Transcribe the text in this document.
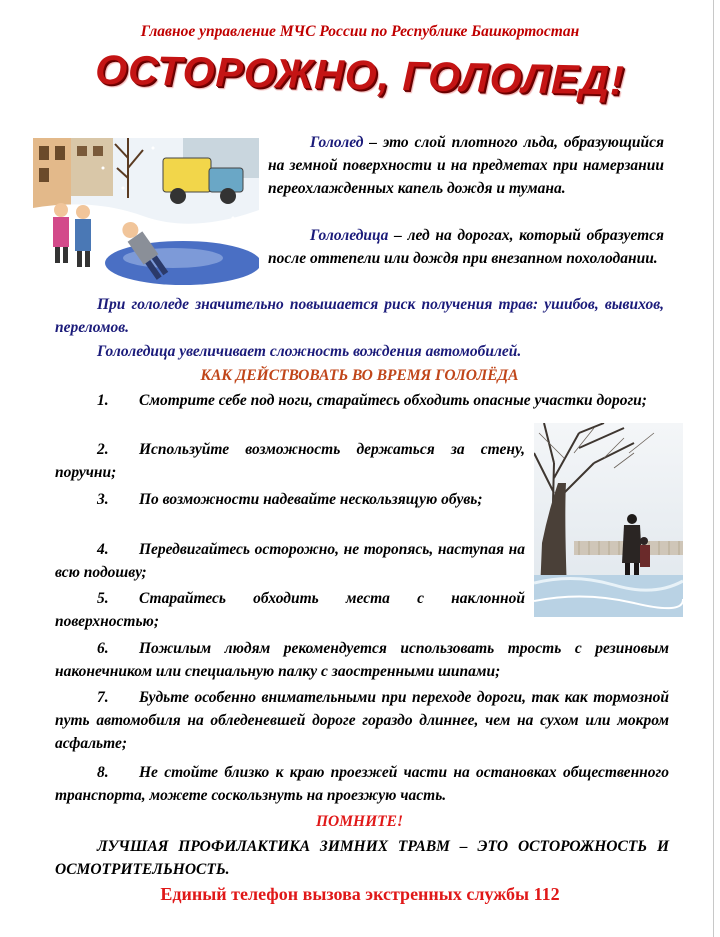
Главное управление МЧС России по Республике Башкортостан
ОСТОРОЖНО, ГОЛОЛЕД!
Гололед – это слой плотного льда, образующийся на земной поверхности и на предметах при намерзании переохлажденных капель дождя и тумана.
Гололедица – лед на дорогах, который образуется после оттепели или дождя при внезапном похолодании.
При гололеде значительно повышается риск получения трав: ушибов, вывихов, переломов.
Гололедица увеличивает сложность вождения автомобилей.
КАК ДЕЙСТВОВАТЬ ВО ВРЕМЯ ГОЛОЛЁДА
1. Смотрите себе под ноги, старайтесь обходить опасные участки дороги;
2. Используйте возможность держаться за стену, поручни;
3. По возможности надевайте нескользящую обувь;
4. Передвигайтесь осторожно, не торопясь, наступая на всю подошву;
5. Старайтесь обходить места с наклонной поверхностью;
6. Пожилым людям рекомендуется использовать трость с резиновым наконечником или специальную палку с заостренными шипами;
7. Будьте особенно внимательными при переходе дороги, так как тормозной путь автомобиля на обледеневшей дороге гораздо длиннее, чем на сухом или мокром асфальте;
8. Не стойте близко к краю проезжей части на остановках общественного транспорта, можете соскользнуть на проезжую часть.
ПОМНИТЕ!
ЛУЧШАЯ ПРОФИЛАКТИКА ЗИМНИХ ТРАВМ – ЭТО ОСТОРОЖНОСТЬ И ОСМОТРИТЕЛЬНОСТЬ.
Единый телефон вызова экстренных службы 112
